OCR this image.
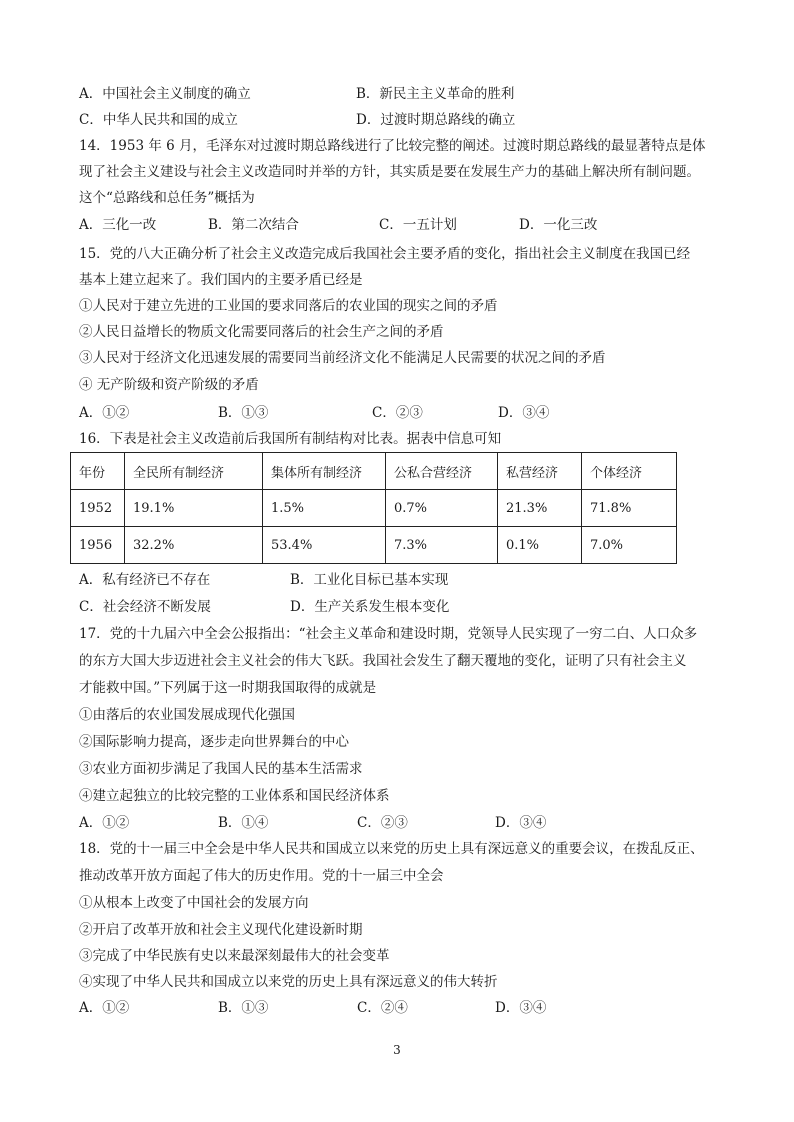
A．中国社会主义制度的确立	B．新民主主义革命的胜利
C．中华人民共和国的成立	D．过渡时期总路线的确立
14．1953 年 6 月，毛泽东对过渡时期总路线进行了比较完整的阐述。过渡时期总路线的最显著特点是体
现了社会主义建设与社会主义改造同时并举的方针，其实质是要在发展生产力的基础上解决所有制问题。
这个“总路线和总任务”概括为
A．三化一改	B．第二次结合	C．一五计划	D．一化三改
15．党的八大正确分析了社会主义改造完成后我国社会主要矛盾的变化，指出社会主义制度在我国已经
基本上建立起来了。我们国内的主要矛盾已经是
①人民对于建立先进的工业国的要求同落后的农业国的现实之间的矛盾
②人民日益增长的物质文化需要同落后的社会生产之间的矛盾
③人民对于经济文化迅速发展的需要同当前经济文化不能满足人民需要的状况之间的矛盾
④ 无产阶级和资产阶级的矛盾
A．①②	B．①③	C．②③	D．③④
16．下表是社会主义改造前后我国所有制结构对比表。据表中信息可知
年份	全民所有制经济	集体所有制经济	公私合营经济	私营经济	个体经济
1952	19.1%	1.5%	0.7%	21.3%	71.8%
1956	32.2%	53.4%	7.3%	0.1%	7.0%
A．私有经济已不存在	B．工业化目标已基本实现
C．社会经济不断发展	D．生产关系发生根本变化
17．党的十九届六中全会公报指出：“社会主义革命和建设时期，党领导人民实现了一穷二白、人口众多
的东方大国大步迈进社会主义社会的伟大飞跃。我国社会发生了翻天覆地的变化，证明了只有社会主义
才能救中国。”下列属于这一时期我国取得的成就是
①由落后的农业国发展成现代化强国
②国际影响力提高，逐步走向世界舞台的中心
③农业方面初步满足了我国人民的基本生活需求
④建立起独立的比较完整的工业体系和国民经济体系
A．①②	B．①④	C．②③	D．③④
18．党的十一届三中全会是中华人民共和国成立以来党的历史上具有深远意义的重要会议，在拨乱反正、
推动改革开放方面起了伟大的历史作用。党的十一届三中全会
①从根本上改变了中国社会的发展方向
②开启了改革开放和社会主义现代化建设新时期
③完成了中华民族有史以来最深刻最伟大的社会变革
④实现了中华人民共和国成立以来党的历史上具有深远意义的伟大转折
A．①②	B．①③	C．②④	D．③④
3
